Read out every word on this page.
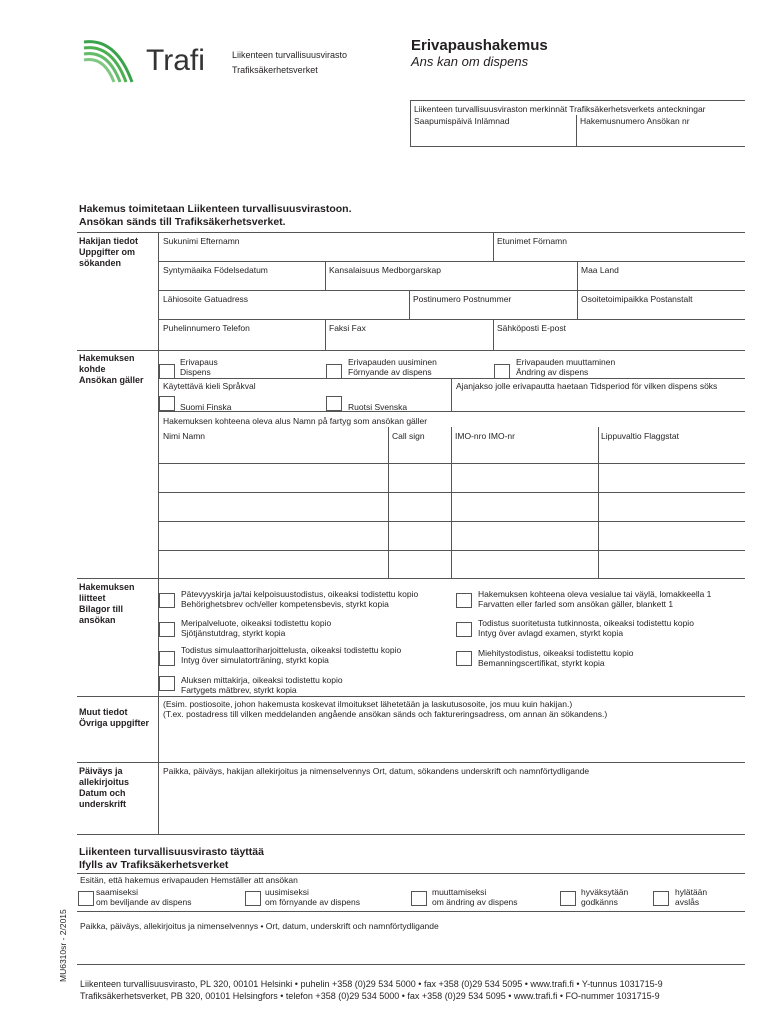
Trafi	Liikenteen turvallisuusvirasto
Trafiksäkerhetsverket
Erivapaushakemus
Ans kan om dispens
Liikenteen turvallisuusviraston merkinnät Trafiksäkerhetsverkets anteckningar
Saapumispäivä Inlämnad	Hakemusnumero Ansökan nr
Hakemus toimitetaan Liikenteen turvallisuusvirastoon.
Ansökan sänds till Trafiksäkerhetsverket.
Hakijan tiedot
Uppgifter om
sökanden
Sukunimi Efternamn	Etunimet Förnamn
Syntymäaika Födelsedatum	Kansalaisuus Medborgarskap	Maa Land
Lähiosoite Gatuadress	Postinumero Postnummer	Osoitetoimipaikka Postanstalt
Puhelinnumero Telefon	Faksi Fax	Sähköposti E-post
Hakemuksen
kohde
Ansökan gäller
Erivapaus
Dispens
Erivapauden uusiminen
Förnyande av dispens
Erivapauden muuttaminen
Ändring av dispens
Käytettävä kieli Språkval	Ajanjakso jolle erivapautta haetaan Tidsperiod för vilken dispens söks
Suomi Finska	Ruotsi Svenska
Hakemuksen kohteena oleva alus Namn på fartyg som ansökan gäller
Nimi Namn	Call sign	IMO-nro IMO-nr	Lippuvaltio Flaggstat
Hakemuksen
liitteet
Bilagor till
ansökan
Pätevyyskirja ja/tai kelpoisuustodistus, oikeaksi todistettu kopio
Behörighetsbrev och/eller kompetensbevis, styrkt kopia
Hakemuksen kohteena oleva vesialue tai väylä, lomakkeella 1
Farvatten eller farled som ansökan gäller, blankett 1
Meripalveluote, oikeaksi todistettu kopio
Sjötjänstutdrag, styrkt kopia
Todistus suoritetusta tutkinnosta, oikeaksi todistettu kopio
Intyg över avlagd examen, styrkt kopia
Todistus simulaattoriharjoittelusta, oikeaksi todistettu kopio
Intyg över simulatorträning, styrkt kopia
Miehitystodistus, oikeaksi todistettu kopio
Bemanningscertifikat, styrkt kopia
Aluksen mittakirja, oikeaksi todistettu kopio
Fartygets mätbrev, styrkt kopia
Muut tiedot
Övriga uppgifter
(Esim. postiosoite, johon hakemusta koskevat ilmoitukset lähetetään ja laskutusosoite, jos muu kuin hakijan.)
(T.ex. postadress till vilken meddelanden angående ansökan sänds och faktureringsadress, om annan än sökandens.)
Päiväys ja
allekirjoitus
Datum och
underskrift
Paikka, päiväys, hakijan allekirjoitus ja nimenselvennys Ort, datum, sökandens underskrift och namnförtydligande
Liikenteen turvallisuusvirasto täyttää
Ifylls av Trafiksäkerhetsverket
Esitän, että hakemus erivapauden Hemställer att ansökan
saamiseksi
om beviljande av dispens
uusimiseksi
om förnyande av dispens
muuttamiseksi
om ändring av dispens
hyväksytään
godkänns
hylätään
avslås
Paikka, päiväys, allekirjoitus ja nimenselvennys • Ort, datum, underskrift och namnförtydligande
MU6310sr - 2/2015
Liikenteen turvallisuusvirasto, PL 320, 00101 Helsinki • puhelin +358 (0)29 534 5000 • fax +358 (0)29 534 5095 • www.trafi.fi • Y-tunnus 1031715-9
Trafiksäkerhetsverket, PB 320, 00101 Helsingfors • telefon +358 (0)29 534 5000 • fax +358 (0)29 534 5095 • www.trafi.fi • FO-nummer 1031715-9
